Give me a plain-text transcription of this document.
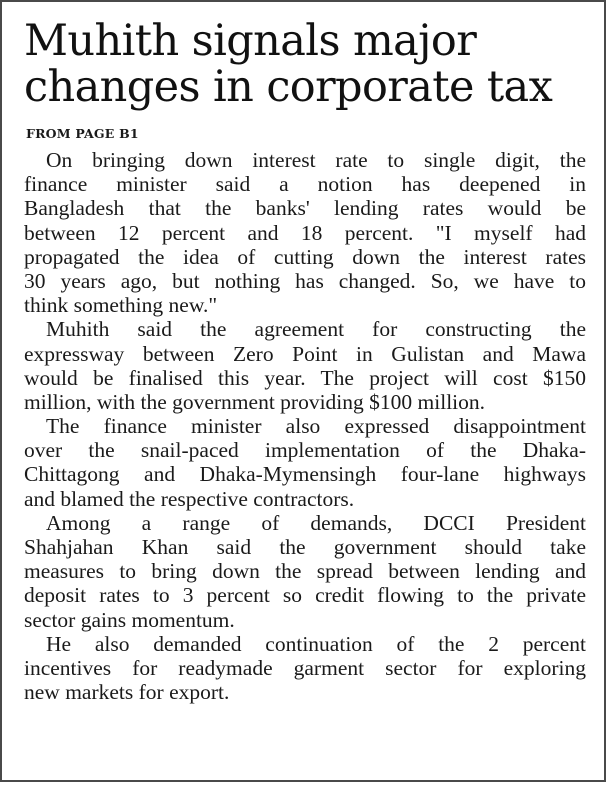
Muhith signals major
changes in corporate tax
FROM PAGE B1

On bringing down interest rate to single digit, the
finance minister said a notion has deepened in
Bangladesh that the banks' lending rates would be
between 12 percent and 18 percent. "I myself had
propagated the idea of cutting down the interest rates
30 years ago, but nothing has changed. So, we have to
think something new."

Muhith said the agreement for constructing the
expressway between Zero Point in Gulistan and Mawa
would be finalised this year. The project will cost $150
million, with the government providing $100 million.

The finance minister also expressed disappointment
over the snail-paced implementation of the Dhaka-
Chittagong and Dhaka-Mymensingh four-lane highways
and blamed the respective contractors.

Among a range of demands, DCCI President
Shahjahan Khan said the government should take
measures to bring down the spread between lending and
deposit rates to 3 percent so credit flowing to the private
sector gains momentum.

He also demanded continuation of the 2 percent
incentives for readymade garment sector for exploring
new markets for export.
